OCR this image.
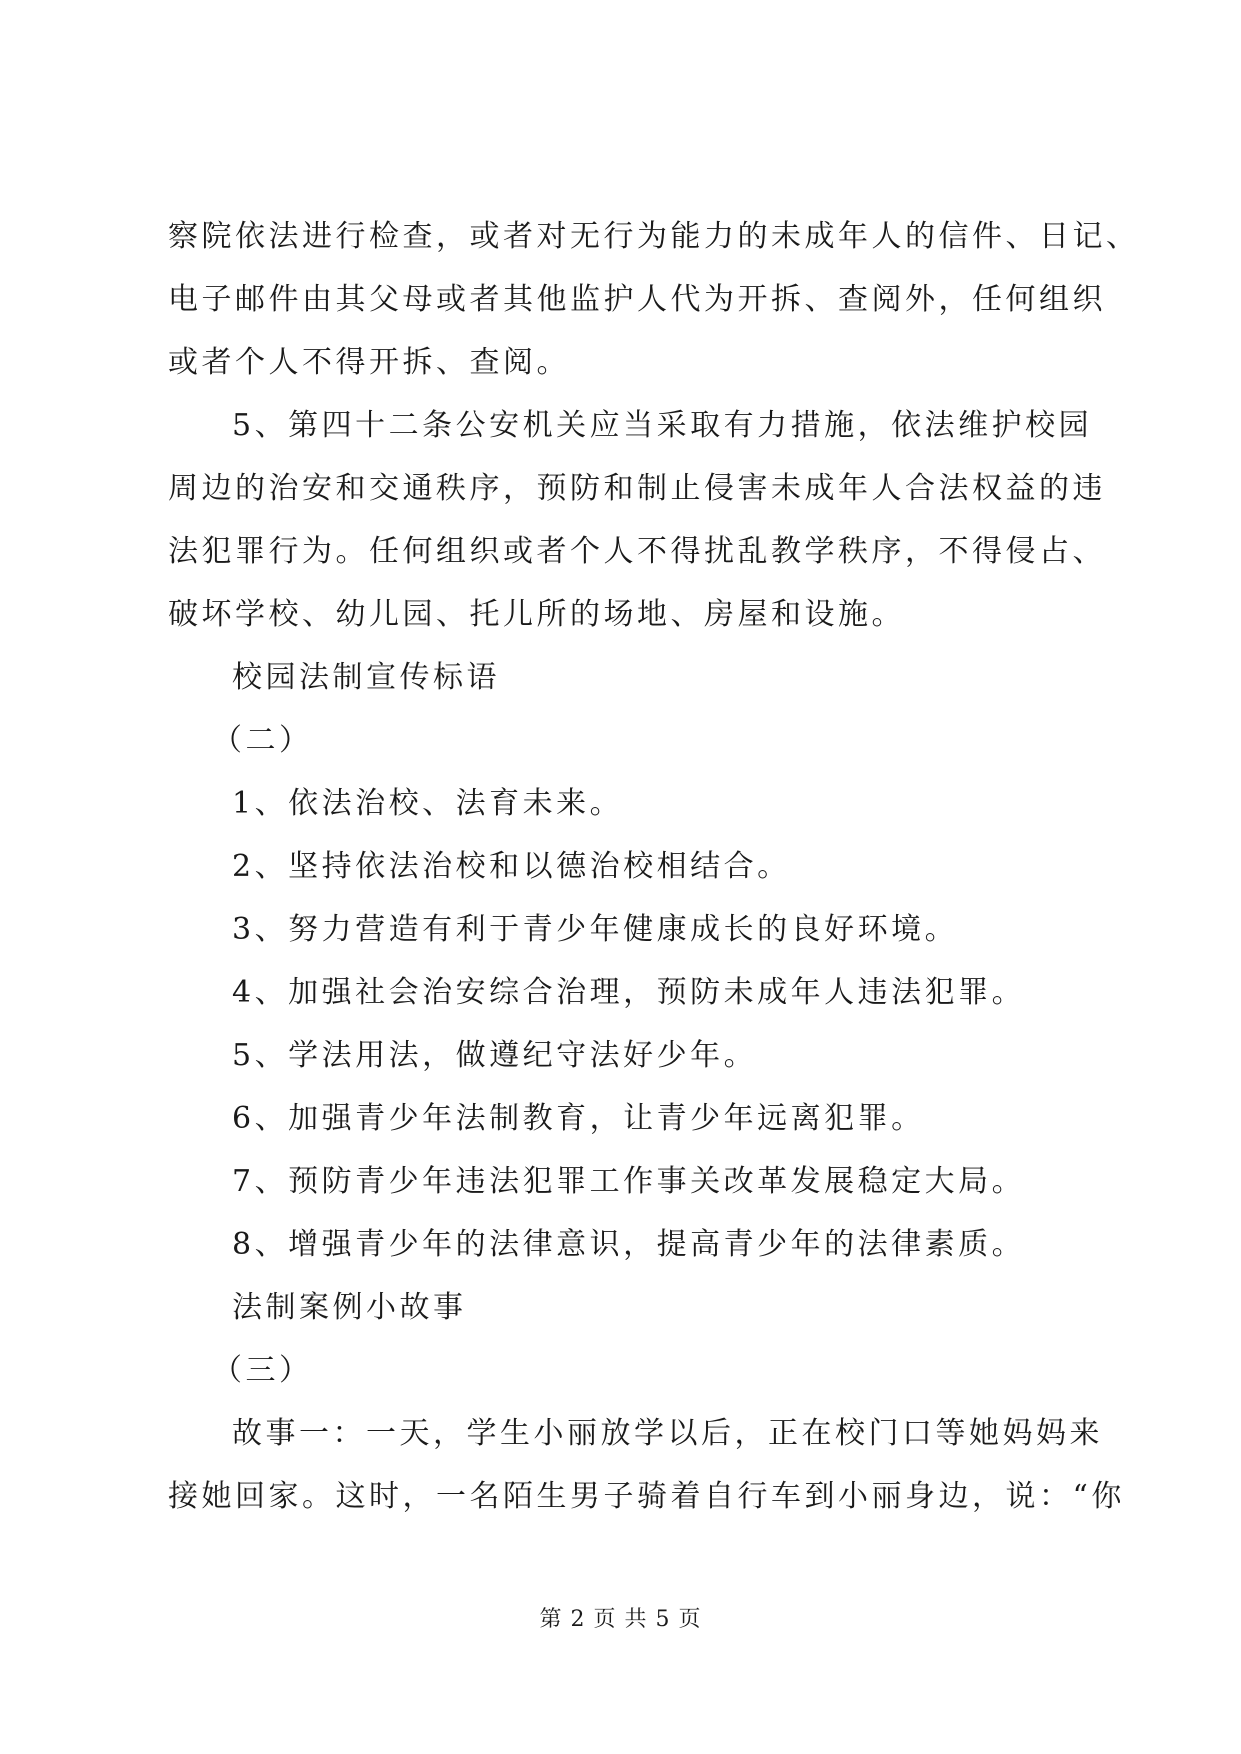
察院依法进行检查，或者对无行为能力的未成年人的信件、日记、
电子邮件由其父母或者其他监护人代为开拆、查阅外，任何组织
或者个人不得开拆、查阅。
5、第四十二条公安机关应当采取有力措施，依法维护校园
周边的治安和交通秩序，预防和制止侵害未成年人合法权益的违
法犯罪行为。任何组织或者个人不得扰乱教学秩序，不得侵占、
破坏学校、幼儿园、托儿所的场地、房屋和设施。
校园法制宣传标语
（二）
1、依法治校、法育未来。
2、坚持依法治校和以德治校相结合。
3、努力营造有利于青少年健康成长的良好环境。
4、加强社会治安综合治理，预防未成年人违法犯罪。
5、学法用法，做遵纪守法好少年。
6、加强青少年法制教育，让青少年远离犯罪。
7、预防青少年违法犯罪工作事关改革发展稳定大局。
8、增强青少年的法律意识，提高青少年的法律素质。
法制案例小故事
（三）
故事一：一天，学生小丽放学以后，正在校门口等她妈妈来
接她回家。这时，一名陌生男子骑着自行车到小丽身边，说：“你
第 2 页 共 5 页
